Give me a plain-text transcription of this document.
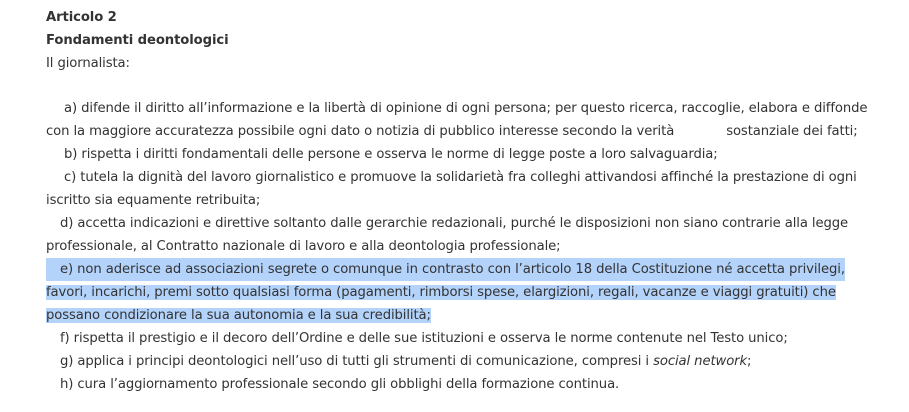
Articolo 2
Fondamenti deontologici
Il giornalista:
a) difende il diritto all’informazione e la libertà di opinione di ogni persona; per questo ricerca, raccoglie, elabora e diffonde
con la maggiore accuratezza possibile ogni dato o notizia di pubblico interesse secondo la verità	sostanziale dei fatti;
b) rispetta i diritti fondamentali delle persone e osserva le norme di legge poste a loro salvaguardia;
c) tutela la dignità del lavoro giornalistico e promuove la solidarietà fra colleghi attivandosi affinché la prestazione di ogni
iscritto sia equamente retribuita;
d) accetta indicazioni e direttive soltanto dalle gerarchie redazionali, purché le disposizioni non siano contrarie alla legge
professionale, al Contratto nazionale di lavoro e alla deontologia professionale;
e) non aderisce ad associazioni segrete o comunque in contrasto con l’articolo 18 della Costituzione né accetta privilegi,
favori, incarichi, premi sotto qualsiasi forma (pagamenti, rimborsi spese, elargizioni, regali, vacanze e viaggi gratuiti) che
possano condizionare la sua autonomia e la sua credibilità;
f) rispetta il prestigio e il decoro dell’Ordine e delle sue istituzioni e osserva le norme contenute nel Testo unico;
g) applica i principi deontologici nell’uso di tutti gli strumenti di comunicazione, compresi i social network;
h) cura l’aggiornamento professionale secondo gli obblighi della formazione continua.
